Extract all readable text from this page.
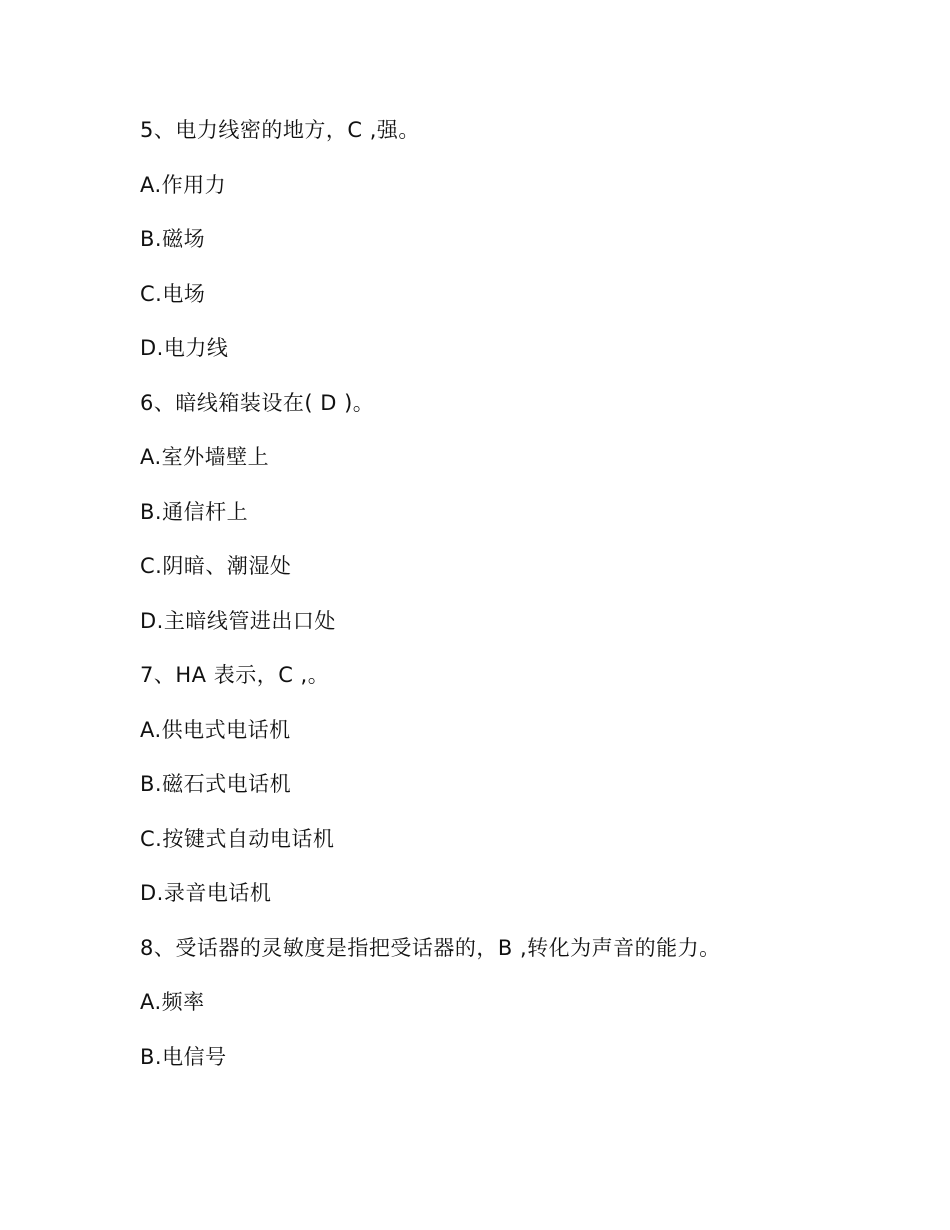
5、电力线密的地方，C ,强。
A.作用力
B.磁场
C.电场
D.电力线
6、暗线箱装设在( D )。
A.室外墙壁上
B.通信杆上
C.阴暗、潮湿处
D.主暗线管进出口处
7、HA 表示，C ,。
A.供电式电话机
B.磁石式电话机
C.按键式自动电话机
D.录音电话机
8、受话器的灵敏度是指把受话器的，B ,转化为声音的能力。
A.频率
B.电信号
